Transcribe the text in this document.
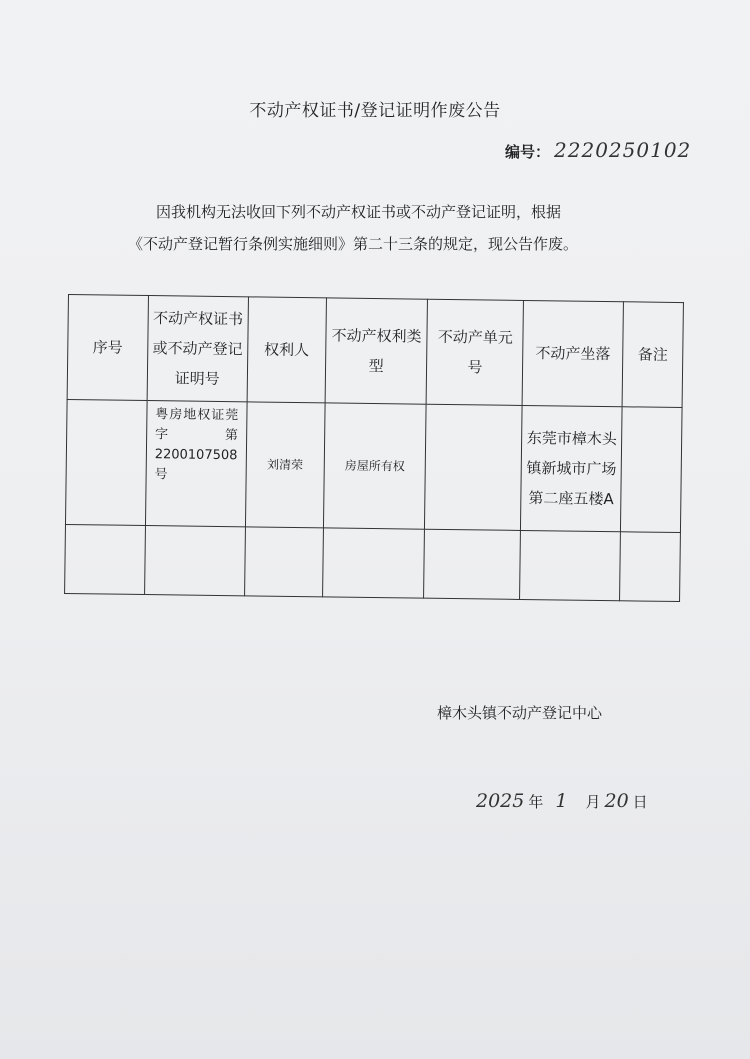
不动产权证书/登记证明作废公告
编号： 2220250102

因我机构无法收回下列不动产权证书或不动产登记证明，根据

《不动产登记暂行条例实施细则》第二十三条的规定，现公告作废。

序号	不动产权证书或不动产登记证明号	权利人	不动产权利类型	不动产单元号	不动产坐落	备注
	粤房地权证莞字第2200107508号	刘清荣	房屋所有权		东莞市樟木头镇新城市广场第二座五楼A	

樟木头镇不动产登记中心
2025 年 1 月 20 日
